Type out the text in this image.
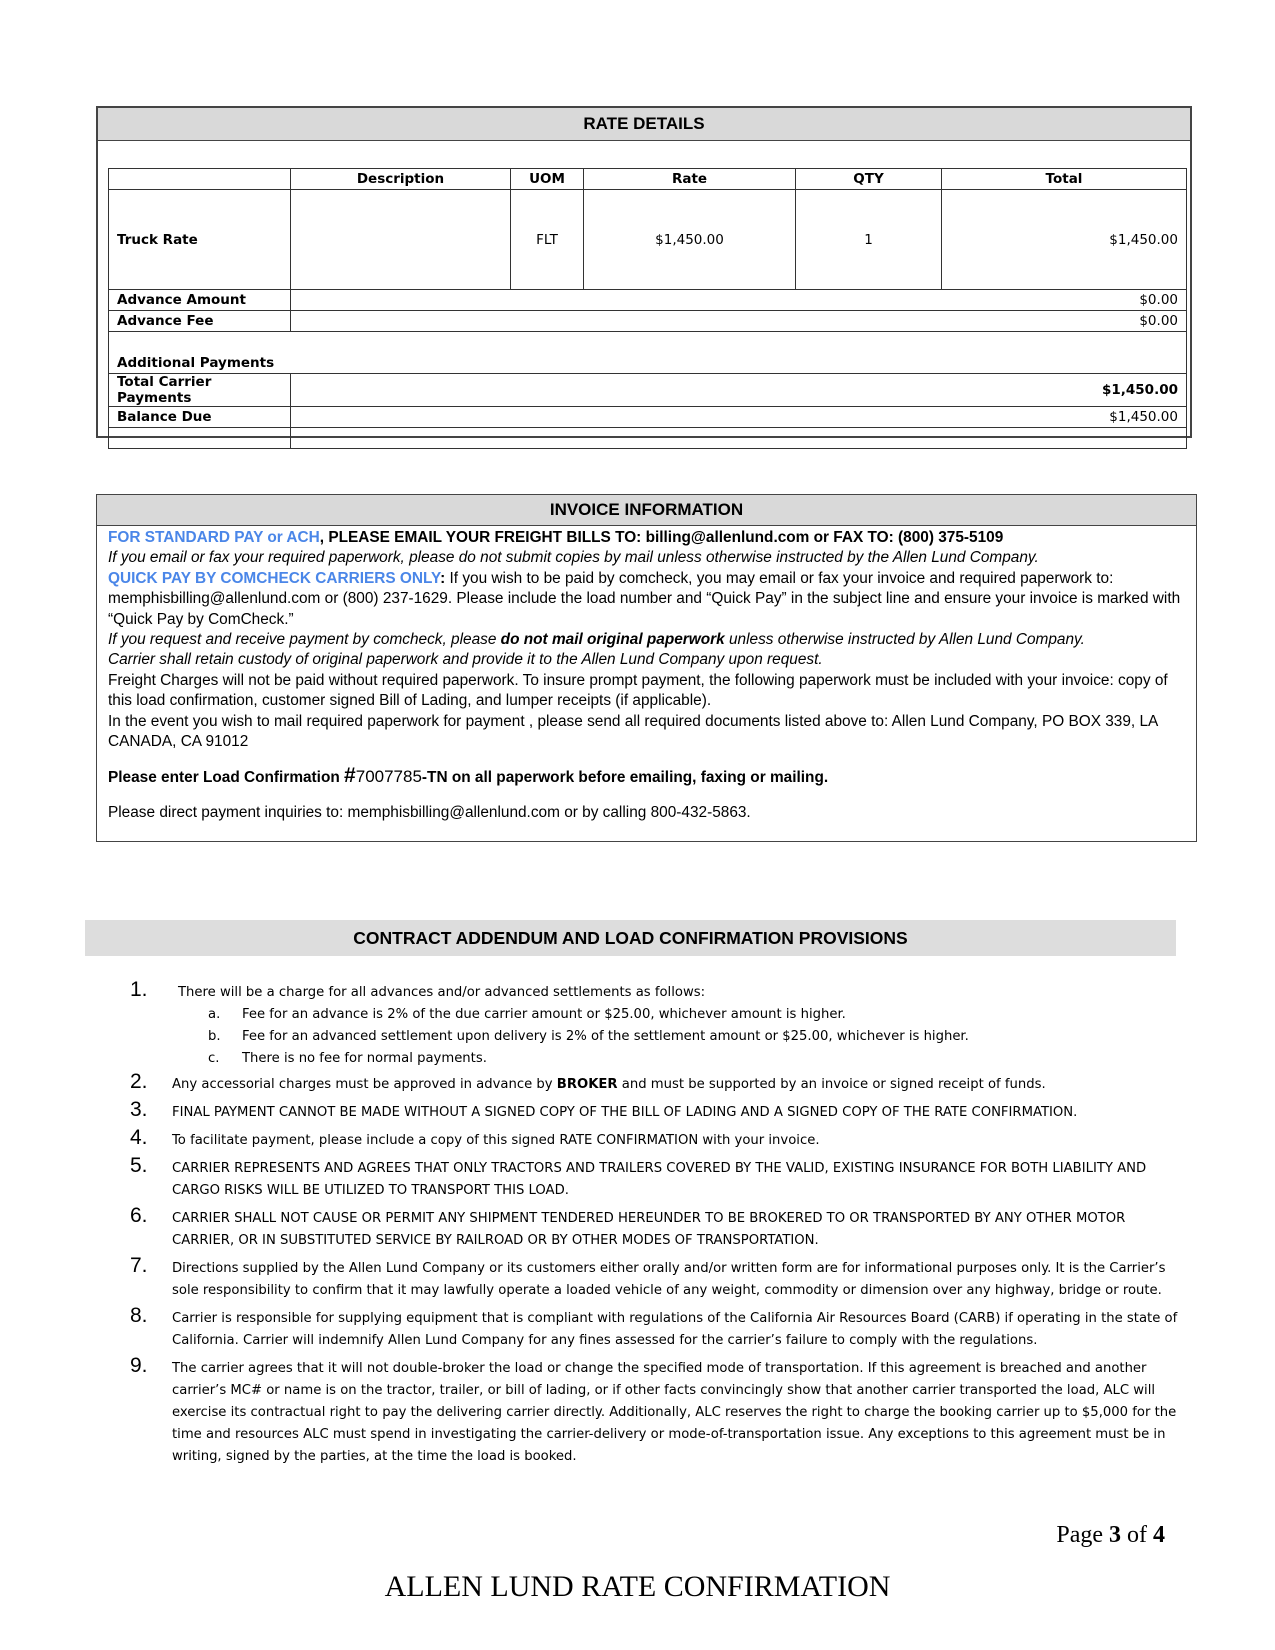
RATE DETAILS
	Description	UOM	Rate	QTY	Total
Truck Rate		FLT	$1,450.00	1	$1,450.00
Advance Amount	$0.00				
Advance Fee	$0.00				

Additional Payments					
Total Carrier Payments	$1,450.00				
Balance Due	$1,450.00				

INVOICE INFORMATION

FOR STANDARD PAY or ACH, PLEASE EMAIL YOUR FREIGHT BILLS TO: billing@allenlund.com or FAX TO: (800) 375-5109

If you email or fax your required paperwork, please do not submit copies by mail unless otherwise instructed by the Allen Lund Company.

QUICK PAY BY COMCHECK CARRIERS ONLY: If you wish to be paid by comcheck, you may email or fax your invoice and required paperwork to: memphisbilling@allenlund.com or (800) 237-1629. Please include the load number and “Quick Pay” in the subject line and ensure your invoice is marked with “Quick Pay by ComCheck.”

If you request and receive payment by comcheck, please do not mail original paperwork unless otherwise instructed by Allen Lund Company.

Carrier shall retain custody of original paperwork and provide it to the Allen Lund Company upon request.

Freight Charges will not be paid without required paperwork. To insure prompt payment, the following paperwork must be included with your invoice: copy of this load confirmation, customer signed Bill of Lading, and lumper receipts (if applicable).

In the event you wish to mail required paperwork for payment , please send all required documents listed above to: Allen Lund Company, PO BOX 339, LA CANADA, CA 91012

Please enter Load Confirmation #7007785-TN on all paperwork before emailing, faxing or mailing.

Please direct payment inquiries to: memphisbilling@allenlund.com or by calling 800-432-5863.

CONTRACT ADDENDUM AND LOAD CONFIRMATION PROVISIONS
1. There will be a charge for all advances and/or advanced settlements as follows:
a. Fee for an advance is 2% of the due carrier amount or $25.00, whichever amount is higher.
b. Fee for an advanced settlement upon delivery is 2% of the settlement amount or $25.00, whichever is higher.
c. There is no fee for normal payments.
2. Any accessorial charges must be approved in advance by BROKER and must be supported by an invoice or signed receipt of funds.
3. FINAL PAYMENT CANNOT BE MADE WITHOUT A SIGNED COPY OF THE BILL OF LADING AND A SIGNED COPY OF THE RATE CONFIRMATION.
4. To facilitate payment, please include a copy of this signed RATE CONFIRMATION with your invoice.
5. CARRIER REPRESENTS AND AGREES THAT ONLY TRACTORS AND TRAILERS COVERED BY THE VALID, EXISTING INSURANCE FOR BOTH LIABILITY AND CARGO RISKS WILL BE UTILIZED TO TRANSPORT THIS LOAD.
6. CARRIER SHALL NOT CAUSE OR PERMIT ANY SHIPMENT TENDERED HEREUNDER TO BE BROKERED TO OR TRANSPORTED BY ANY OTHER MOTOR CARRIER, OR IN SUBSTITUTED SERVICE BY RAILROAD OR BY OTHER MODES OF TRANSPORTATION.
7. Directions supplied by the Allen Lund Company or its customers either orally and/or written form are for informational purposes only. It is the Carrier’s sole responsibility to confirm that it may lawfully operate a loaded vehicle of any weight, commodity or dimension over any highway, bridge or route.
8. Carrier is responsible for supplying equipment that is compliant with regulations of the California Air Resources Board (CARB) if operating in the state of California. Carrier will indemnify Allen Lund Company for any fines assessed for the carrier’s failure to comply with the regulations.
9. The carrier agrees that it will not double-broker the load or change the specified mode of transportation. If this agreement is breached and another carrier’s MC# or name is on the tractor, trailer, or bill of lading, or if other facts convincingly show that another carrier transported the load, ALC will exercise its contractual right to pay the delivering carrier directly. Additionally, ALC reserves the right to charge the booking carrier up to $5,000 for the time and resources ALC must spend in investigating the carrier-delivery or mode-of-transportation issue. Any exceptions to this agreement must be in writing, signed by the parties, at the time the load is booked.
Page 3 of 4
ALLEN LUND RATE CONFIRMATION
